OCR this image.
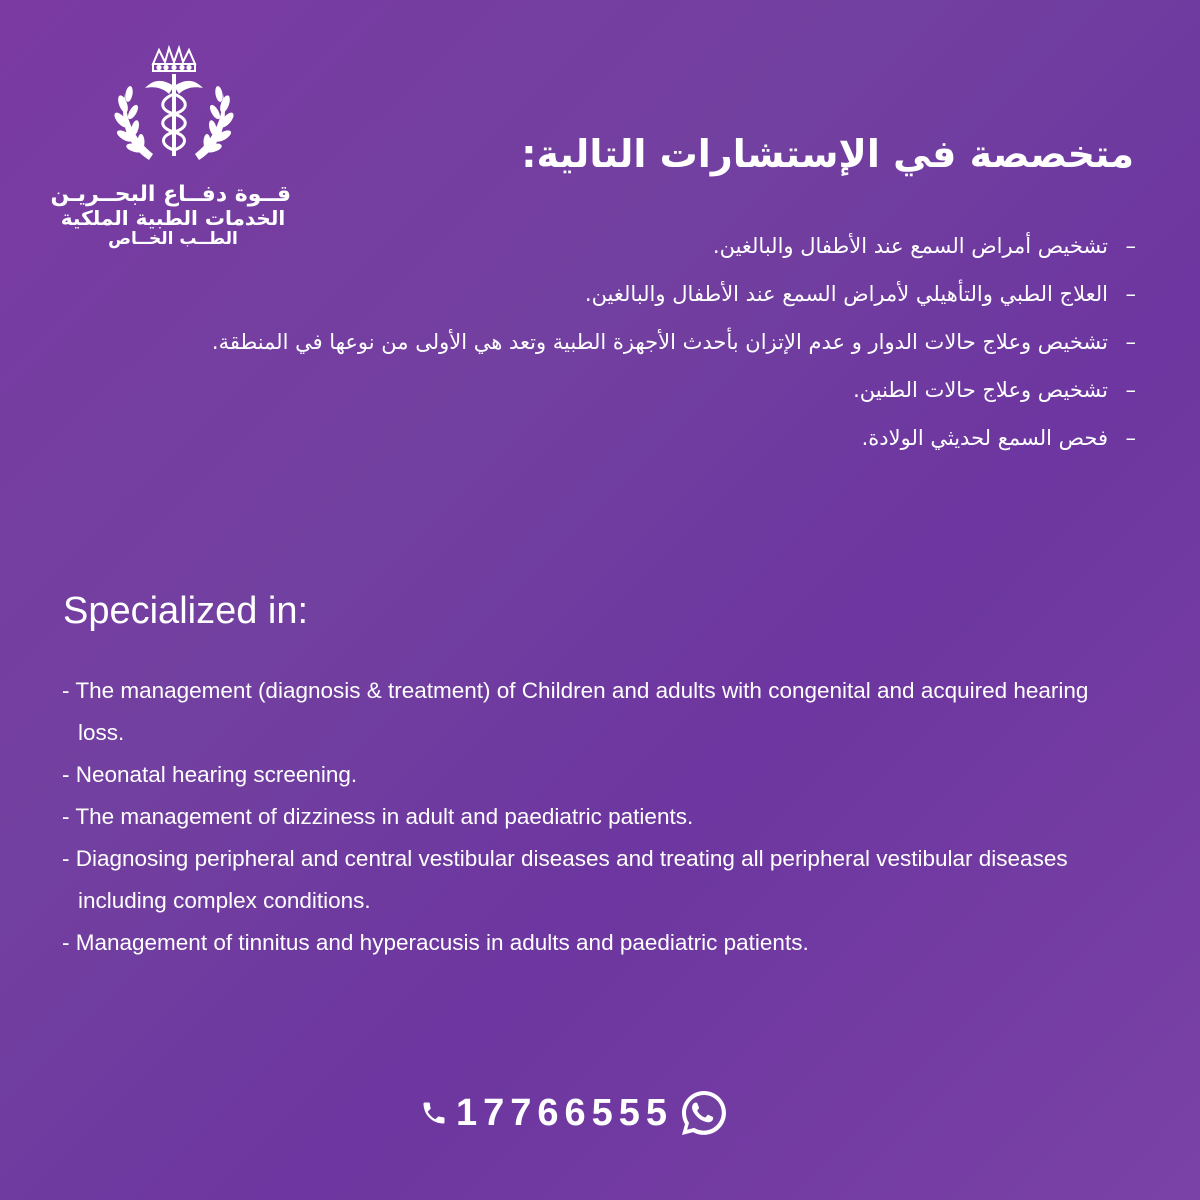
قــوة دفــاع البحــريـن
الخدمات الطبية الملكية
الطــب الخــاص
متخصصة في الإستشارات التالية:
–تشخيص أمراض السمع عند الأطفال والبالغين.
–العلاج الطبي والتأهيلي لأمراض السمع عند الأطفال والبالغين.
–تشخيص وعلاج حالات الدوار و عدم الإتزان بأحدث الأجهزة الطبية وتعد هي الأولى من نوعها في المنطقة.
–تشخيص وعلاج حالات الطنين.
–فحص السمع لحديثي الولادة.
Specialized in:
- The management (diagnosis & treatment) of Children and adults with congenital and acquired hearing loss.
- Neonatal hearing screening.
- The management of dizziness in adult and paediatric patients.
- Diagnosing peripheral and central vestibular diseases and treating all peripheral vestibular diseases including complex conditions.
- Management of tinnitus and hyperacusis in adults and paediatric patients.
17766555
